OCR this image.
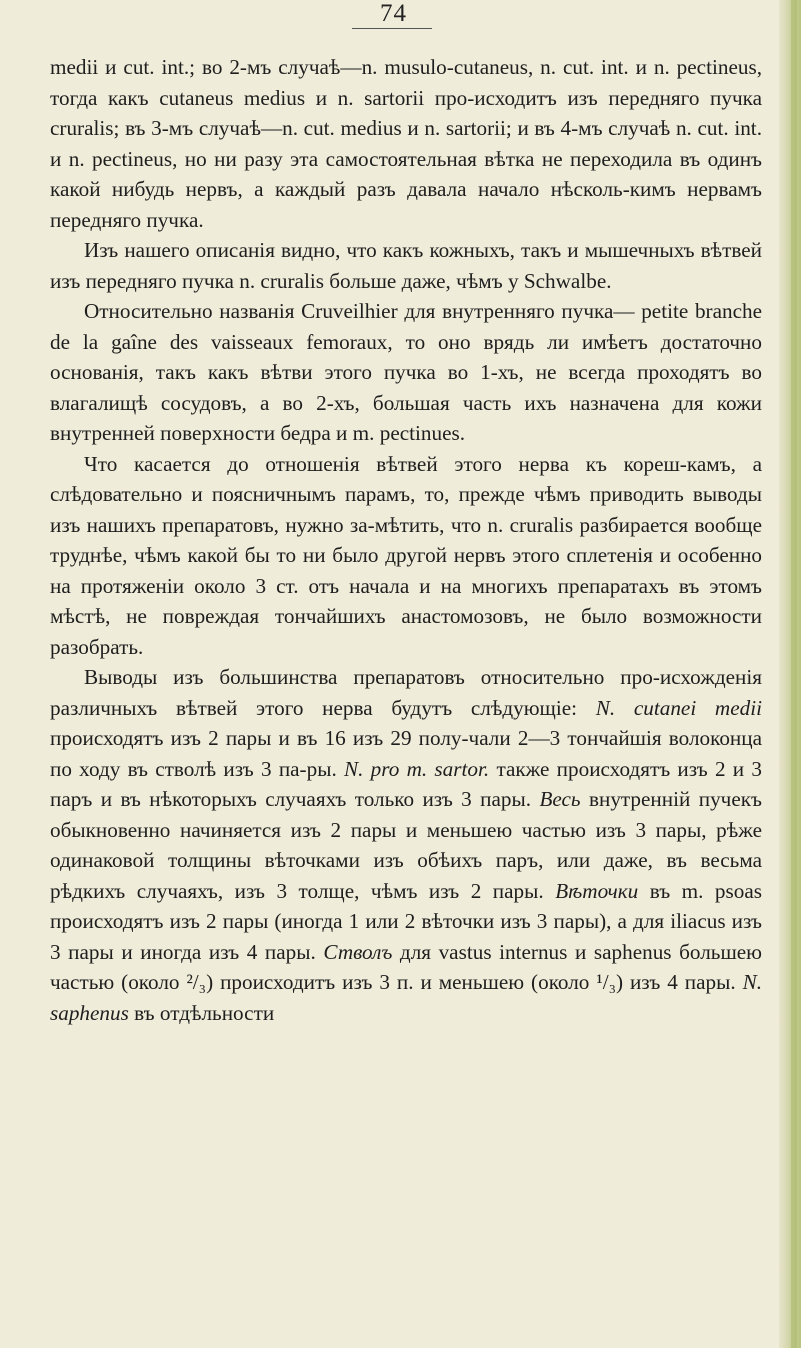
74

medii и cut. int.; во 2-мъ случаѣ—n. musulo-cutaneus, n. cut. int. и n. pectineus, тогда какъ cutaneus medius и n. sartorii про-исходитъ изъ передняго пучка cruralis; въ 3-мъ случаѣ—n. cut. medius и n. sartorii; и въ 4-мъ случаѣ n. cut. int. и n. pectineus, но ни разу эта самостоятельная вѣтка не переходила въ одинъ какой нибудь нервъ, а каждый разъ давала начало нѣсколь-кимъ нервамъ передняго пучка.

Изъ нашего описанія видно, что какъ кожныхъ, такъ и мышечныхъ вѣтвей изъ передняго пучка n. cruralis больше даже, чѣмъ у Schwalbe.

Относительно названія Cruveilhier для внутренняго пучка— petite branche de la gaîne des vaisseaux femoraux, то оно врядь ли имѣетъ достаточно основанія, такъ какъ вѣтви этого пучка во 1-хъ, не всегда проходятъ во влагалищѣ сосудовъ, а во 2-хъ, большая часть ихъ назначена для кожи внутренней поверхности бедра и m. pectinues.

Что касается до отношенія вѣтвей этого нерва къ кореш-камъ, а слѣдовательно и поясничнымъ парамъ, то, прежде чѣмъ приводить выводы изъ нашихъ препаратовъ, нужно за-мѣтить, что n. cruralis разбирается вообще труднѣе, чѣмъ какой бы то ни было другой нервъ этого сплетенія и особенно на протяженіи около 3 ст. отъ начала и на многихъ препаратахъ въ этомъ мѣстѣ, не повреждая тончайшихъ анастомозовъ, не было возможности разобрать.

Выводы изъ большинства препаратовъ относительно про-исхожденія различныхъ вѣтвей этого нерва будутъ слѣдующіе: N. cutanei medii происходятъ изъ 2 пары и въ 16 изъ 29 полу-чали 2—3 тончайшія волоконца по ходу въ стволѣ изъ 3 па-ры. N. pro m. sartor. также происходятъ изъ 2 и 3 паръ и въ нѣкоторыхъ случаяхъ только изъ 3 пары. Весь внутренній пучекъ обыкновенно начиняется изъ 2 пары и меньшею частью изъ 3 пары, рѣже одинаковой толщины вѣточками изъ обѣихъ паръ, или даже, въ весьма рѣдкихъ случаяхъ, изъ 3 толще, чѣмъ изъ 2 пары. Вѣточки въ m. psoas происходятъ изъ 2 пары (иногда 1 или 2 вѣточки изъ 3 пары), а для iliacus изъ 3 пары и иногда изъ 4 пары. Стволъ для vastus internus и saphenus большею частью (около ²/₃) происходитъ изъ 3 п. и меньшею (около ¹/₃) изъ 4 пары. N. saphenus въ отдѣльности
